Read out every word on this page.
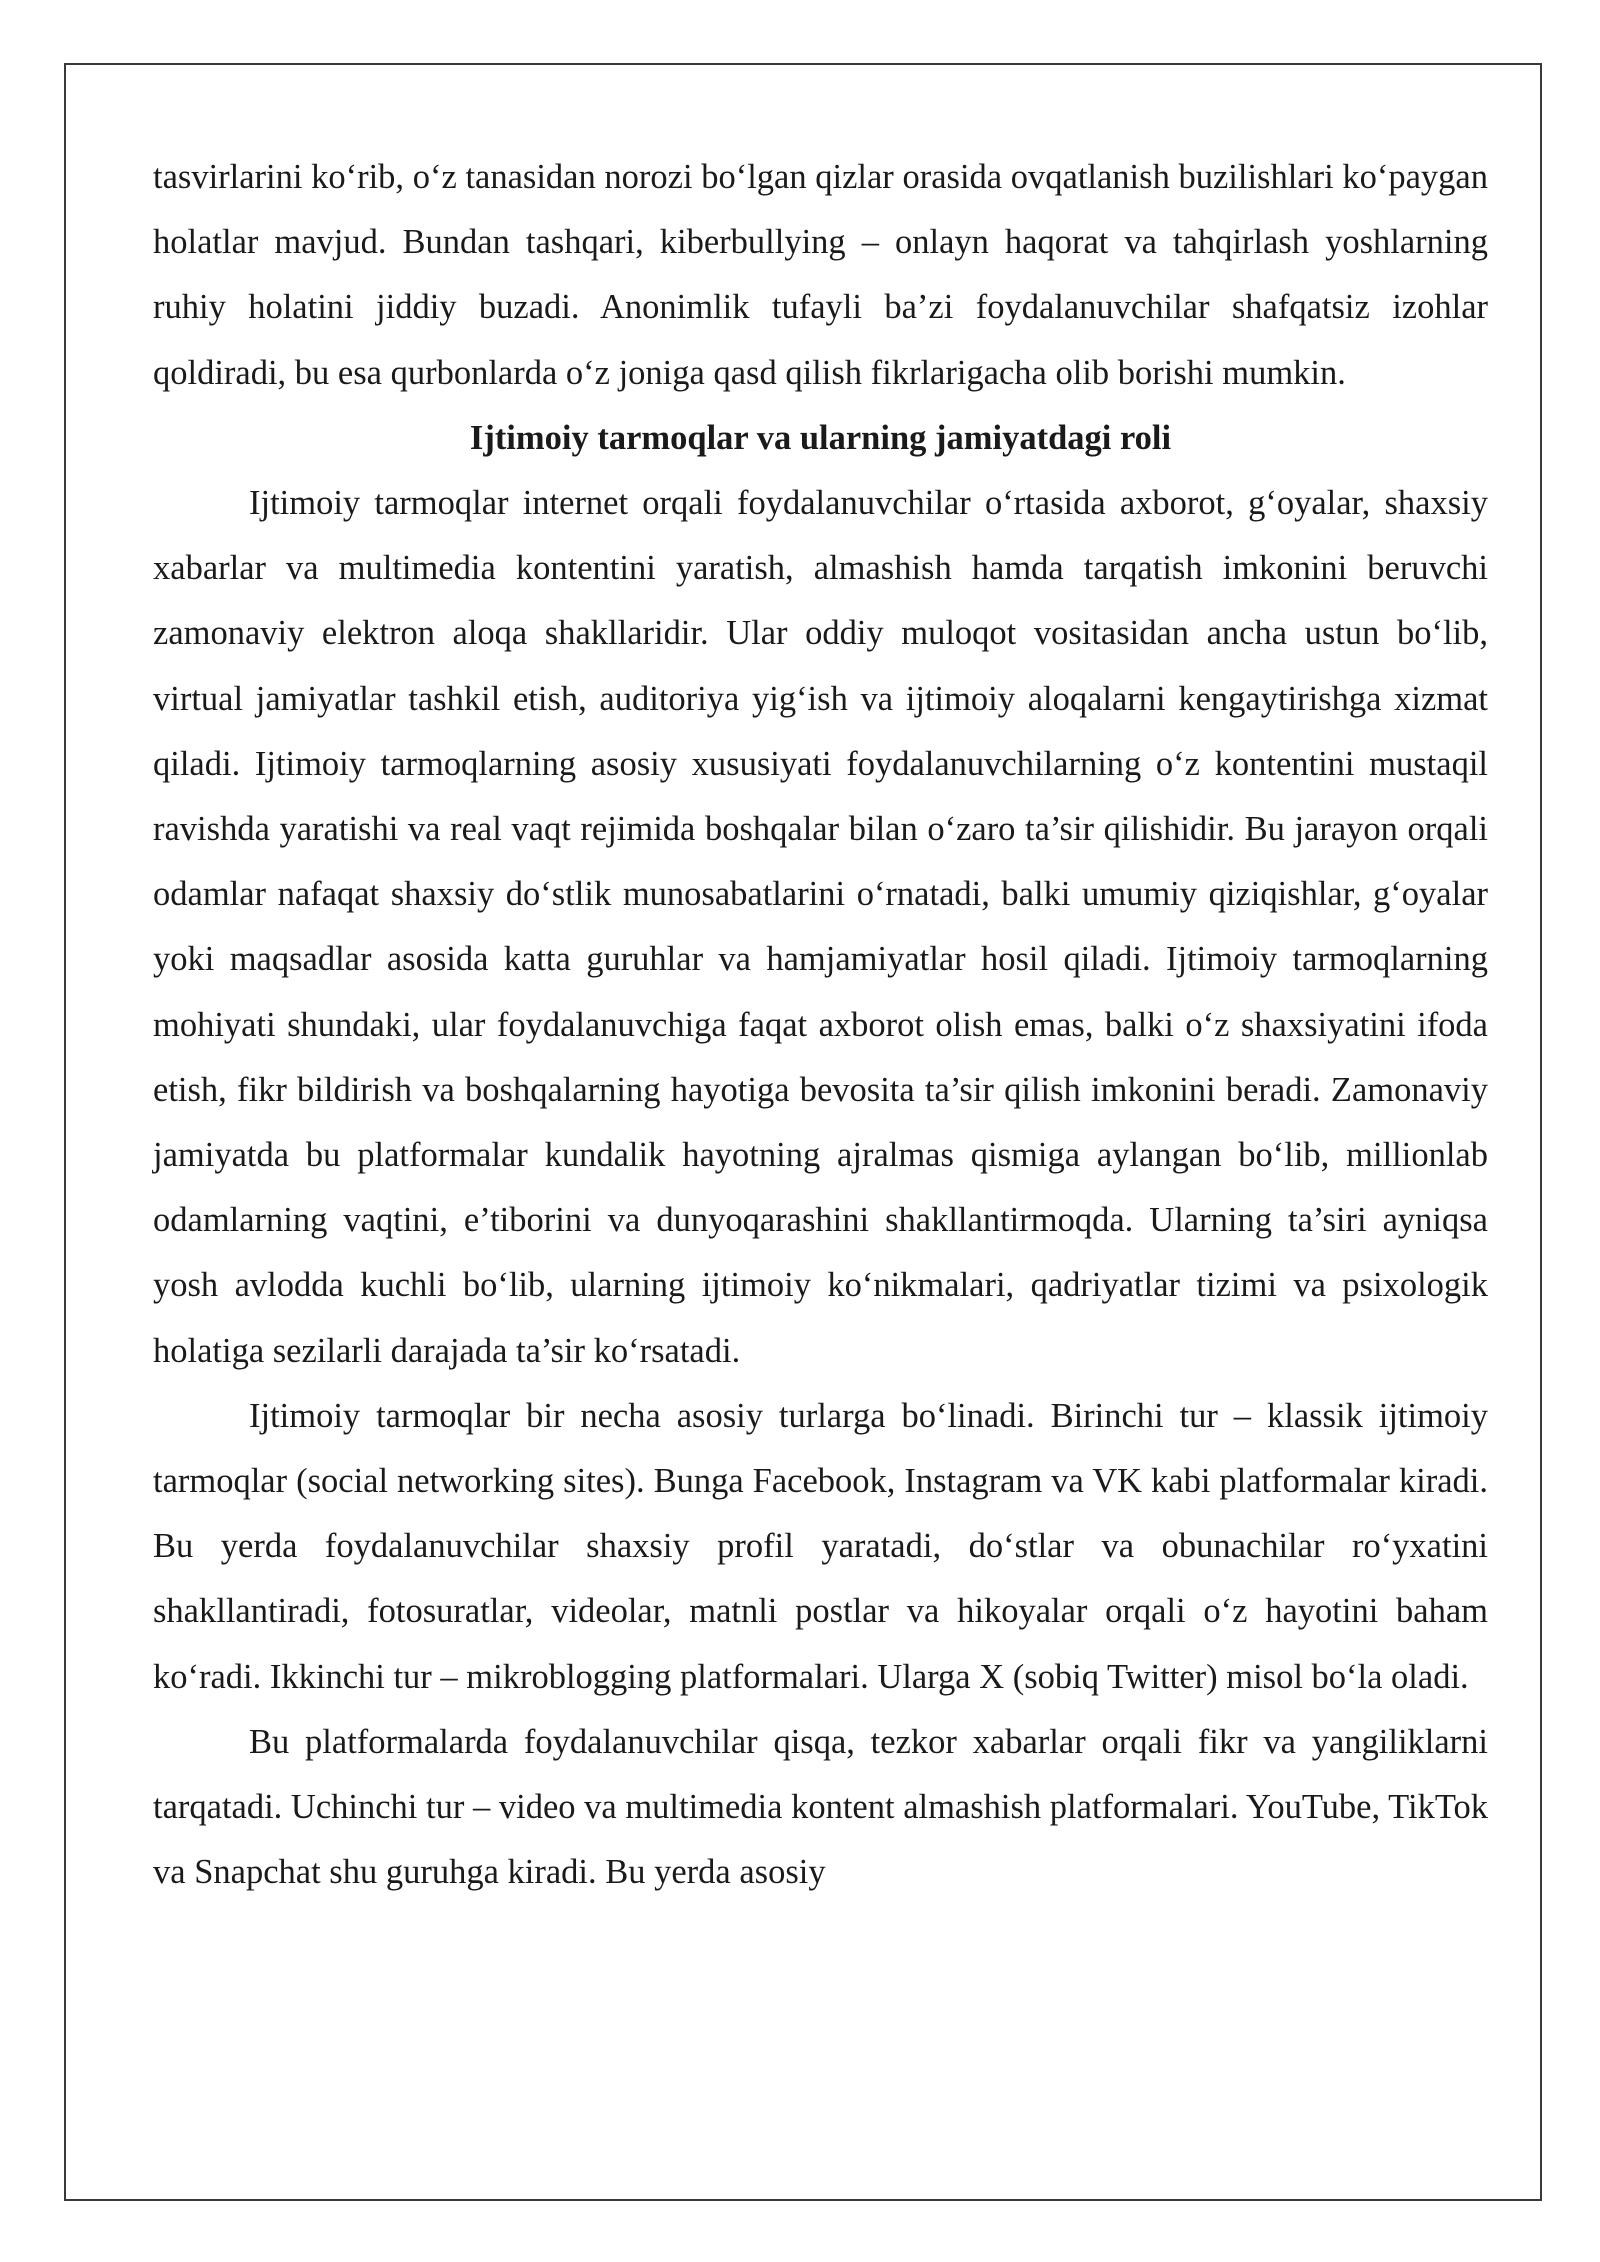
tasvirlarini ko‘rib, o‘z tanasidan norozi bo‘lgan qizlar orasida ovqatlanish buzilishlari ko‘paygan holatlar mavjud. Bundan tashqari, kiberbullying – onlayn haqorat va tahqirlash yoshlarning ruhiy holatini jiddiy buzadi. Anonimlik tufayli ba’zi foydalanuvchilar shafqatsiz izohlar qoldiradi, bu esa qurbonlarda o‘z joniga qasd qilish fikrlarigacha olib borishi mumkin.

Ijtimoiy tarmoqlar va ularning jamiyatdagi roli

Ijtimoiy tarmoqlar internet orqali foydalanuvchilar o‘rtasida axborot, g‘oyalar, shaxsiy xabarlar va multimedia kontentini yaratish, almashish hamda tarqatish imkonini beruvchi zamonaviy elektron aloqa shakllaridir. Ular oddiy muloqot vositasidan ancha ustun bo‘lib, virtual jamiyatlar tashkil etish, auditoriya yig‘ish va ijtimoiy aloqalarni kengaytirishga xizmat qiladi. Ijtimoiy tarmoqlarning asosiy xususiyati foydalanuvchilarning o‘z kontentini mustaqil ravishda yaratishi va real vaqt rejimida boshqalar bilan o‘zaro ta’sir qilishidir. Bu jarayon orqali odamlar nafaqat shaxsiy do‘stlik munosabatlarini o‘rnatadi, balki umumiy qiziqishlar, g‘oyalar yoki maqsadlar asosida katta guruhlar va hamjamiyatlar hosil qiladi. Ijtimoiy tarmoqlarning mohiyati shundaki, ular foydalanuvchiga faqat axborot olish emas, balki o‘z shaxsiyatini ifoda etish, fikr bildirish va boshqalarning hayotiga bevosita ta’sir qilish imkonini beradi. Zamonaviy jamiyatda bu platformalar kundalik hayotning ajralmas qismiga aylangan bo‘lib, millionlab odamlarning vaqtini, e’tiborini va dunyoqarashini shakllantirmoqda. Ularning ta’siri ayniqsa yosh avlodda kuchli bo‘lib, ularning ijtimoiy ko‘nikmalari, qadriyatlar tizimi va psixologik holatiga sezilarli darajada ta’sir ko‘rsatadi.

Ijtimoiy tarmoqlar bir necha asosiy turlarga bo‘linadi. Birinchi tur – klassik ijtimoiy tarmoqlar (social networking sites). Bunga Facebook, Instagram va VK kabi platformalar kiradi. Bu yerda foydalanuvchilar shaxsiy profil yaratadi, do‘stlar va obunachilar ro‘yxatini shakllantiradi, fotosuratlar, videolar, matnli postlar va hikoyalar orqali o‘z hayotini baham ko‘radi. Ikkinchi tur – mikroblogging platformalari. Ularga X (sobiq Twitter) misol bo‘la oladi.

Bu platformalarda foydalanuvchilar qisqa, tezkor xabarlar orqali fikr va yangiliklarni tarqatadi. Uchinchi tur – video va multimedia kontent almashish platformalari. YouTube, TikTok va Snapchat shu guruhga kiradi. Bu yerda asosiy
